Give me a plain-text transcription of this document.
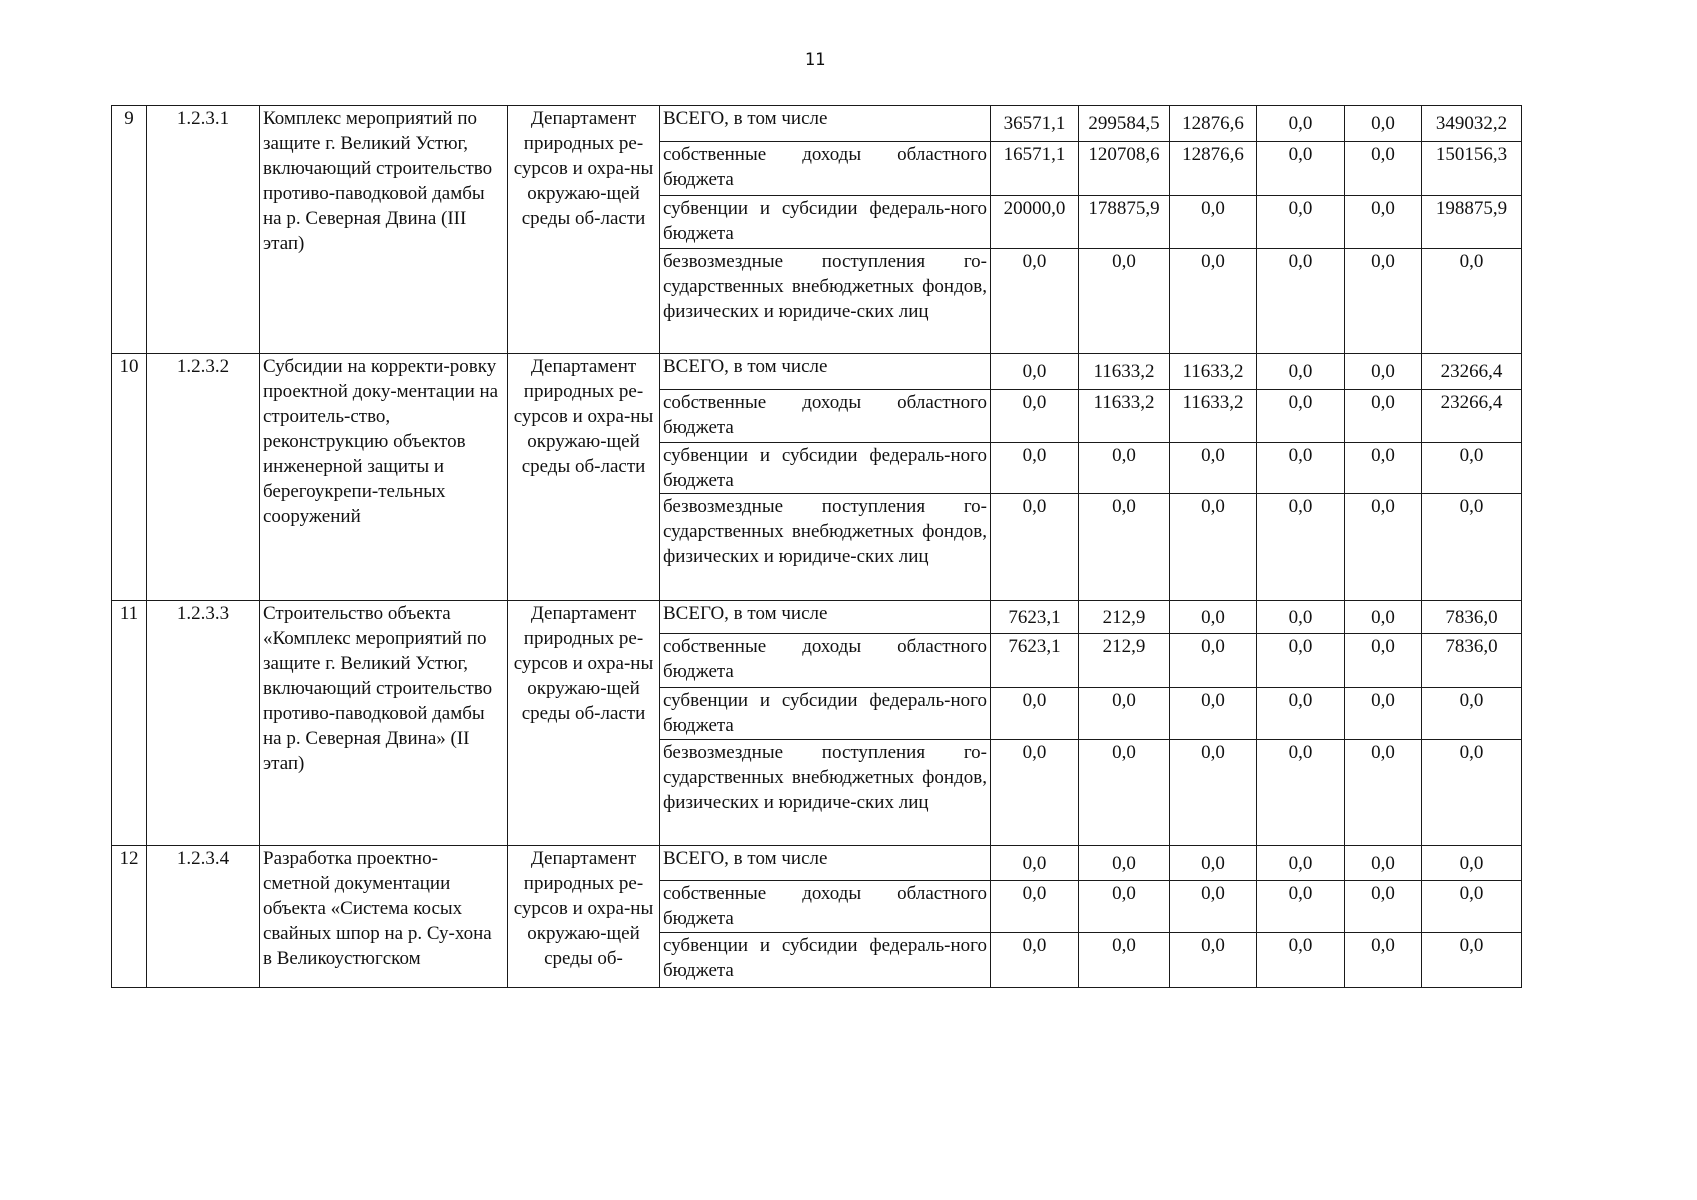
11
9	1.2.3.1	Комплекс мероприятий по защите г. Великий Устюг, включающий строительство противо-паводковой дамбы на р. Северная Двина (III этап)	Департамент природных ре-сурсов и охра-ны окружаю-щей среды об-ласти	ВСЕГО, в том числе	36571,1	299584,5	12876,6	0,0	0,0	349032,2
				собственные доходы областного бюджета	16571,1	120708,6	12876,6	0,0	0,0	150156,3
				субвенции и субсидии федераль-ного бюджета	20000,0	178875,9	0,0	0,0	0,0	198875,9
				безвозмездные поступления го-сударственных внебюджетных фондов, физических и юридиче-ских лиц	0,0	0,0	0,0	0,0	0,0	0,0
10	1.2.3.2	Субсидии на корректи-ровку проектной доку-ментации на строитель-ство, реконструкцию объектов инженерной защиты и берегоукрепи-тельных сооружений	Департамент природных ре-сурсов и охра-ны окружаю-щей среды об-ласти	ВСЕГО, в том числе	0,0	11633,2	11633,2	0,0	0,0	23266,4
				собственные доходы областного бюджета	0,0	11633,2	11633,2	0,0	0,0	23266,4
				субвенции и субсидии федераль-ного бюджета	0,0	0,0	0,0	0,0	0,0	0,0
				безвозмездные поступления го-сударственных внебюджетных фондов, физических и юридиче-ских лиц	0,0	0,0	0,0	0,0	0,0	0,0
11	1.2.3.3	Строительство объекта «Комплекс мероприятий по защите г. Великий Устюг, включающий строительство противо-паводковой дамбы на р. Северная Двина» (II этап)	Департамент природных ре-сурсов и охра-ны окружаю-щей среды об-ласти	ВСЕГО, в том числе	7623,1	212,9	0,0	0,0	0,0	7836,0
				собственные доходы областного бюджета	7623,1	212,9	0,0	0,0	0,0	7836,0
				субвенции и субсидии федераль-ного бюджета	0,0	0,0	0,0	0,0	0,0	0,0
				безвозмездные поступления го-сударственных внебюджетных фондов, физических и юридиче-ских лиц	0,0	0,0	0,0	0,0	0,0	0,0
12	1.2.3.4	Разработка проектно-сметной документации объекта «Система косых свайных шпор на р. Су-хона в Великоустюгском	Департамент природных ре-сурсов и охра-ны окружаю-щей среды об-	ВСЕГО, в том числе	0,0	0,0	0,0	0,0	0,0	0,0
				собственные доходы областного бюджета	0,0	0,0	0,0	0,0	0,0	0,0
				субвенции и субсидии федераль-ного бюджета	0,0	0,0	0,0	0,0	0,0	0,0
